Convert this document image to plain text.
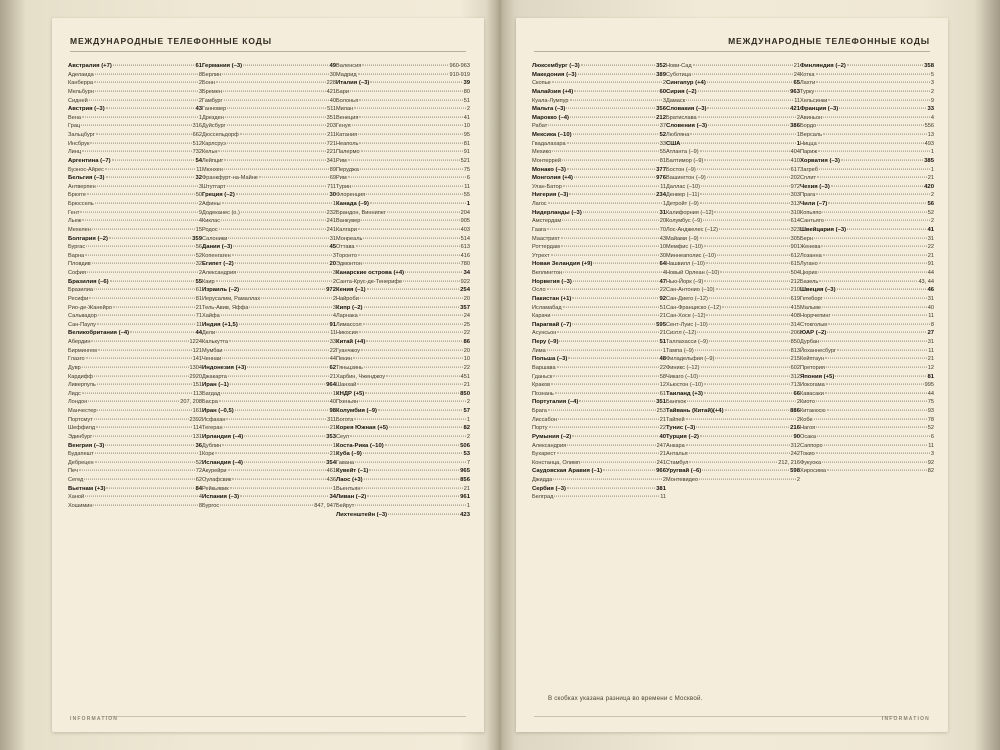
МЕЖДУНАРОДНЫЕ ТЕЛЕФОННЫЕ КОДЫ	МЕЖДУНАРОДНЫЕ ТЕЛЕФОННЫЕ КОДЫ
Австралия (+7)	61
Аделаида	8
Канберра	2
Мельбурн	3
Сидней	2
Австрия (–3)	43
Вена	1
Грац	316
Зальцбург	662
Инсбрук	512
Линц	732
Аргентина (–7)	54
Буэнос-Айрес	11
Бельгия (–3)	32
Антверпен	3
Брюгге	50
Брюссель	2
Гент	9
Льеж	4
Мехелен	15
Болгария (–2)	359
Бургас	56
Варна	52
Пловдив	32
София	2
Бразилия (–6)	55
Бразилиа	61
Ресифи	81
Рио-де-Жанейро	21
Сальвадор	71
Сан-Паулу	11
Великобритания (–4)	44
Абердин	1224
Бирмингем	121
Глазго	141
Дувр	1304
Кардифф	2920
Ливерпуль	151
Лидс	113
Лондон	207, 208
Манчестер	161
Портсмут	2392
Шеффилд	114
Эдинбург	131
Венгрия (–3)	36
Будапешт	1
Дебрецен	52
Печ	72
Сегед	62
Вьетнам (+3)	84
Ханой	4
Хошимин	8
Германия (–3)	49
Берлин	30
Бонн	228
Бремен	421
Гамбург	40
Ганновер	511
Дрезден	351
Дуйсбург	203
Дюссельдорф	211
Карлсруэ	721
Кельн	221
Лейпциг	341
Мюнхен	89
Франкфурт-на-Майне	69
Штутгарт	711
Греция (–2)	30
Афины	1
Додеканес (о.)	232
Киклас	241
Родос	241
Салоники	31
Дания (–3)	45
Копенгаген	3
Египет (–2)	20
Александрия	3
Каир	2
Израиль (–2)	972
Иерусалим, Рамаллах	2
Тель-Авив, Яффа	3
Хайфа	4
Индия (+1,5)	91
Дели	11
Калькутта	33
Мумбаи	22
Ченнаи	44
Индонезия (+3)	62
Джакарта	21
Иран (–1)	964
Багдад	1
Басра	40
Иран (–0,5)	98
Исфахан	311
Тегеран	21
Ирландия (–4)	353
Дублин	1
Корк	21
Исландия (–4)	354
Акурейри	461
Оулафсвик	436
Рейкьявик	1
Испания (–3)	34
Бургос	847, 947
Валенсия	960-963
Мадрид	910-919
Италия (–3)	39
Бари	80
Болонья	51
Милан	2
Венеция	41
Генуя	10
Катания	95
Неаполь	81
Палермо	91
Рим	521
Перуджа	75
Рим	6
Турин	11
Флоренция	55
Канада (–9)	1
Брандон, Виннипег	204
Ванкувер	905
Калгари	403
Монреаль	514
Оттава	613
Торонто	416
Эдмонтон	780
Канарские острова (+4)	34
Санта-Крус-де-Тенерифе	922
Кения (–1)	254
Найроби	20
Кипр (–2)	357
Ларнака	24
Лимассол	25
Никосия	22
Китай (+4)	86
Гуанчжоу	20
Пекин	10
Тяньцзинь	22
Харбин, Чженджоу	451
Шанхай	21
КНДР (+5)	850
Пхеньян	2
Колумбия (–9)	57
Богота	1
Корея Южная (+5)	82
Сеул	2
Коста-Рика (–10)	506
Куба (–9)	53
Гавана	7
Кувейт (–1)	965
Лаос (+3)	856
Вьентьян	21
Ливан (–2)	961
Бейрут	1
Лихтенштейн (–3)	423
Люксембург (–3)	352
Македония (–3)	389
Скопье	2
Малайзия (+4)	60
Куала-Лумпур	3
Мальта (–3)	356
Марокко (–4)	212
Рабат	37
Мексика (–10)	52
Гвадалахара	33
Мехико	55
Монтеррей	81
Монако (–3)	377
Монголия (+4)	976
Улан-Батор	11
Нигерия (–3)	234
Лагос	1
Нидерланды (–3)	31
Амстердам	20
Гаага	70
Маастрихт	43
Роттердам	10
Утрехт	30
Новая Зеландия (+9)	64
Веллингтон	4
Норвегия (–3)	47
Осло	22
Пакистан (+1)	92
Исламабад	51
Карачи	21
Парагвай (–7)	595
Асунсьон	21
Перу (–9)	51
Лима	1
Польша (–3)	48
Варшава	22
Гданьск	58
Краков	12
Познань	61
Португалия (–4)	351
Брага	253
Лиссабон	21
Порту	22
Румыния (–2)	40
Александрия	247
Бухарест	21
Констанца, Олимп	241
Саудовская Аравия (–1)	966
Джидда	2
Сербия (–3)	381
Белград	11
Нови-Сад	21
Суботица	24
Сингапур (+4)	65
Сирия (–2)	963
Дамаск	11
Словакия (–3)	421
Братислава	2
Словения (–3)	386
Любляна	1
США	1
Атланта (–9)	404
Балтимор (–9)	410
Бостон (–9)	617
Вашингтон (–9)	202
Даллас (–10)	972
Денвер (–11)	303
Детройт (–9)	313
Калифорния (–12)	310
Колумбус (–9)	614
Лос-Анджелес (–12)	323
Майами (–9)	305
Мемфис (–10)	901
Миннеаполис (–10)	612
Нашвилл (–10)	615
Новый Орлеан (–10)	504
Нью-Йорк (–9)	212
Сан-Антонио (–10)	210
Сан-Диего (–12)	619
Сан-Франциско (–12)	415
Сан-Хосе (–12)	408
Сент-Луис (–10)	314
Сиэтл (–12)	206
Таллахасси (–9)	850
Тампа (–9)	813
Филадельфия (–9)	215
Финикс (–12)	602
Чикаго (–10)	312
Хьюстон (–10)	713
Таиланд (+3)	66
Бангкок	2
Тайвань (Китай)(+4)	886
Тайпей	2
Тунис (–3)	216
Турция (–2)	90
Анкара	312
Анталья	242
Стамбул	212, 216
Уругвай (–6)	598
Монтевидео	2
Финляндия (–2)	358
Котка	5
Лахти	3
Турку	2
Хельсинки	9
Франция (–3)	33
Авиньон	4
Бордо	556
Версаль	13
Ницца	493
Париж	1
Хорватия (–3)	385
Загреб	1
Сплит	21
Чехия (–3)	420
Прага	2
Чили (–7)	56
Копьяпо	52
Сантьяго	2
Швейцария (–3)	41
Берн	31
Женева	22
Лозанна	21
Лугано	91
Цюрих	44
Базель	43, 44
Швеция (–3)	46
Гетеборг	31
Мальме	40
Норрчепинг	11
Стокгольм	8
ЮАР (–2)	27
Дурбан	31
Йоханнесбург	11
Кейптаун	21
Претория	12
Япония (+5)	81
Иокогама	995
Кавасаки	44
Киото	75
Китакюсю	93
Кобе	78
Нагоя	52
Осака	6
Саппоро	11
Токио	3
Фукуока	92
Хиросима	82
В скобках указана разница во времени с Москвой.
INFORMATION	INFORMATION
